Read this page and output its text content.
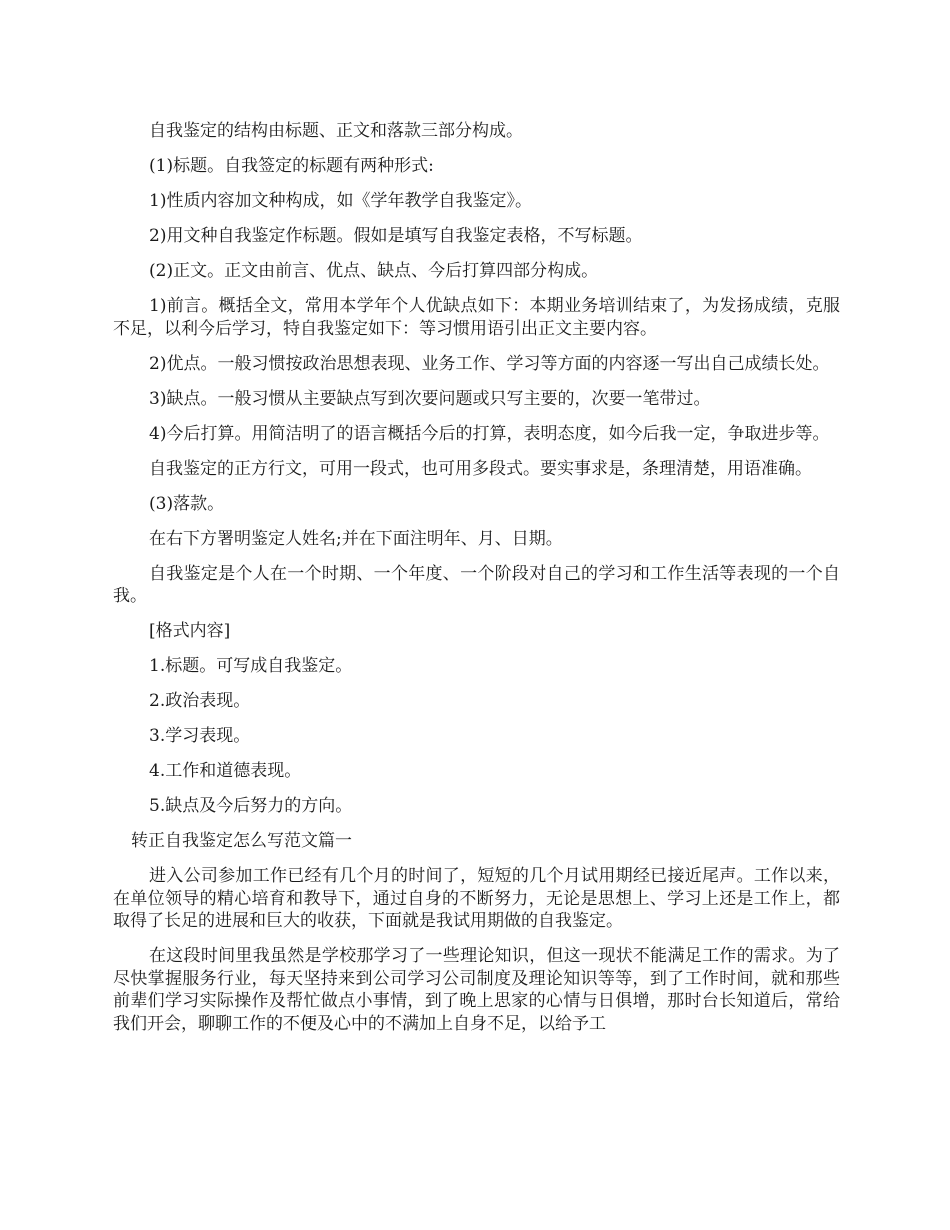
自我鉴定的结构由标题、正文和落款三部分构成。

(1)标题。自我签定的标题有两种形式:

1)性质内容加文种构成，如《学年教学自我鉴定》。

2)用文种自我鉴定作标题。假如是填写自我鉴定表格，不写标题。

(2)正文。正文由前言、优点、缺点、今后打算四部分构成。

1)前言。概括全文，常用本学年个人优缺点如下：本期业务培训结束了，为发扬成绩，克服不足，以利今后学习，特自我鉴定如下：等习惯用语引出正文主要内容。

2)优点。一般习惯按政治思想表现、业务工作、学习等方面的内容逐一写出自己成绩长处。

3)缺点。一般习惯从主要缺点写到次要问题或只写主要的，次要一笔带过。

4)今后打算。用简洁明了的语言概括今后的打算，表明态度，如今后我一定，争取进步等。

自我鉴定的正方行文，可用一段式，也可用多段式。要实事求是，条理清楚，用语准确。

(3)落款。

在右下方署明鉴定人姓名;并在下面注明年、月、日期。

自我鉴定是个人在一个时期、一个年度、一个阶段对自己的学习和工作生活等表现的一个自我。

[格式内容]

1.标题。可写成自我鉴定。

2.政治表现。

3.学习表现。

4.工作和道德表现。

5.缺点及今后努力的方向。

转正自我鉴定怎么写范文篇一

进入公司参加工作已经有几个月的时间了，短短的几个月试用期经已接近尾声。工作以来，在单位领导的精心培育和教导下，通过自身的不断努力，无论是思想上、学习上还是工作上，都取得了长足的进展和巨大的收获，下面就是我试用期做的自我鉴定。

在这段时间里我虽然是学校那学习了一些理论知识，但这一现状不能满足工作的需求。为了尽快掌握服务行业，每天坚持来到公司学习公司制度及理论知识等等，到了工作时间，就和那些前辈们学习实际操作及帮忙做点小事情，到了晚上思家的心情与日俱增，那时台长知道后，常给我们开会，聊聊工作的不便及心中的不满加上自身不足，以给予工
